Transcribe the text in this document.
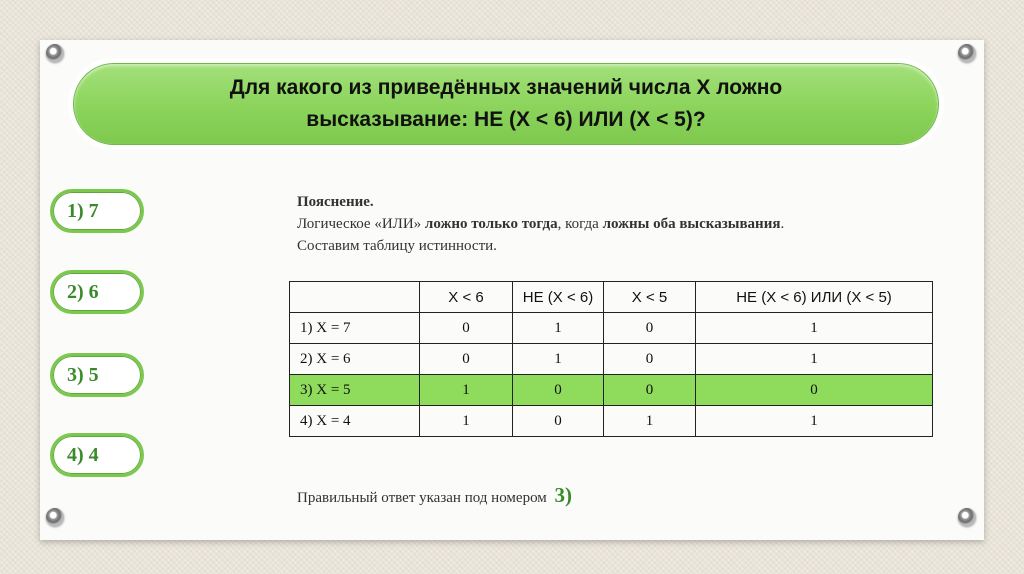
Для какого из приведённых значений числа X ложно
высказывание: НЕ (X < 6) ИЛИ (X < 5)?
1) 7
2) 6
3) 5
4) 4
Пояснение.
Логическое «ИЛИ» ложно только тогда, когда ложны оба высказывания.
Составим таблицу истинности.
	X < 6	НЕ (X < 6)	X < 5	НЕ (X < 6) ИЛИ (X < 5)
1) X = 7	0	1	0	1
2) X = 6	0	1	0	1
3) X = 5	1	0	0	0
4) X = 4	1	0	1	1
Правильный ответ указан под номером 3)
